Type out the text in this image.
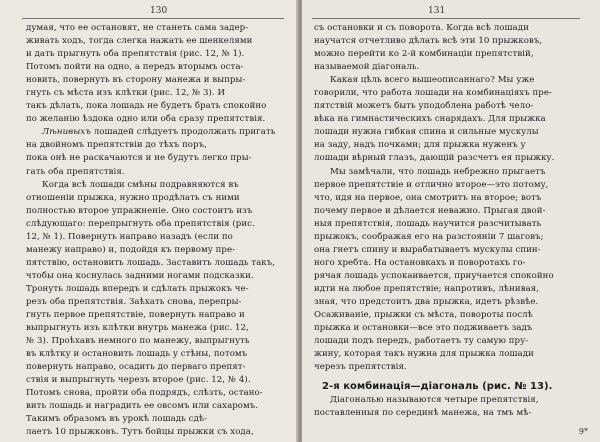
130
думая, что ее остановят, не станеть сама задер-
живать ходъ, тогда слегка нажать ее шенкелями
и дать прыгнуть оба препятствія (рис. 12, № 1).
Потомъ пойти на одно, а передъ вторымъ оста-
новить, повернуть въ сторону манежа и выпры-
гнуть съ мѣста изъ клѣтки (рис. 12, № 3). И
такъ дѣлать, пока лошадь не будетъ брать спокойно
по желанію ѣздока одно или оба сразу препятствія.
Лѣнивыхъ лошадей слѣдуетъ продолжать пригать
на двойномъ препятствіи до тѣхъ поръ,
пока онѣ не раскачаются и не будутъ легко пры-
гать оба препятствія.
Когда всѣ лошади смѣны подравняются въ
отношеніи прыжка, нужно продѣлать съ ними
полностью второе упражненіе. Оно состоитъ изъ
слѣдующаго: перепрыгнуть оба препятствія (рис.
12, № 1). Повернуть направо назадъ (если по
манежу направо) и, подойдя къ первому пре-
пятствію, остановить лошадь. Заставить лошадь такъ,
чтобы она коснулась задними ногами подсказки.
Тронуть лошадь впередъ и сдѣлать прыжокъ че-
резъ оба препятствія. Заѣхать снова, перепры-
гнуть первое препятствіе, повернуть направо и
выпрыгнуть изъ клѣтки внутрь манежа (рис. 12,
№ 3). Проѣхавъ немного по манежу, выпрыгнуть
въ клѣтку и остановить лошадь у стѣны, потомъ
повернуть направо, осадить до перваго препят-
ствія и выпрыгнуть черезъ второе (рис. 12, № 4).
Потомъ снова, пройти оба подрядъ, слѣзть, остано-
вить лошадь и наградить ее овсомъ или сахаромъ.
Такимъ образомъ въ урокѣ лошадь сдѣ-
лаетъ 10 прыжковъ. Тутъ бойцы прыжки съ хода,
131
съ остановки и съ поворота. Когда всѣ лошади
научатся отчетливо дѣлать всѣ эти 10 прыжковъ,
можно перейти ко 2-й комбинаціи препятствій,
называемой діагональ.
Какая цѣль всего вышеописаннаго? Мы уже
говорили, что работа лошади на комбинаціяхъ пре-
пятствій можетъ быть уподоблена работѣ чело-
вѣка на гимнастическихъ снарядахъ. Для прыжка
лошади нужна гибкая спина и сильные мускулы
на заду, надъ почками; для прыжка нуженъ у
лошади вѣрный глазъ, дающій разсчетъ ея прыжку.
Мы замѣчали, что лошадь небрежно прыгаетъ
первое препятствіе и отлично второе—это потому,
что, идя на первое, она смотритъ на второе; вотъ
почему первое и дѣлается неважно. Прыгая двой-
ныя препятствія, лошадь научится разсчитывать
прыжокъ, соображая его на разстояніи 7 шаговъ;
она гнетъ спину и вырабатываетъ мускулы спин-
ного хребта. На остановкахъ и поворотахъ го-
рячая лошадь успокаивается, приучается спокойно
идти на любое препятствіе; напротивъ, лѣнивая,
зная, что предстоитъ два прыжка, идетъ рѣзвѣе.
Осаживаніе, прыжки съ мѣста, повороты послѣ
прыжка и остановки—все это подживаетъ задъ
лошади подъ передъ, работаетъ ту самую пру-
жину, которая такъ нужна для прыжка лошади
черезъ препятствія.
2-я комбинація—діагональ (рис. № 13).
Діагональю называются четыре препятствія,
поставленныя по серединѣ манежа, на тмъ мѣ-
9*
